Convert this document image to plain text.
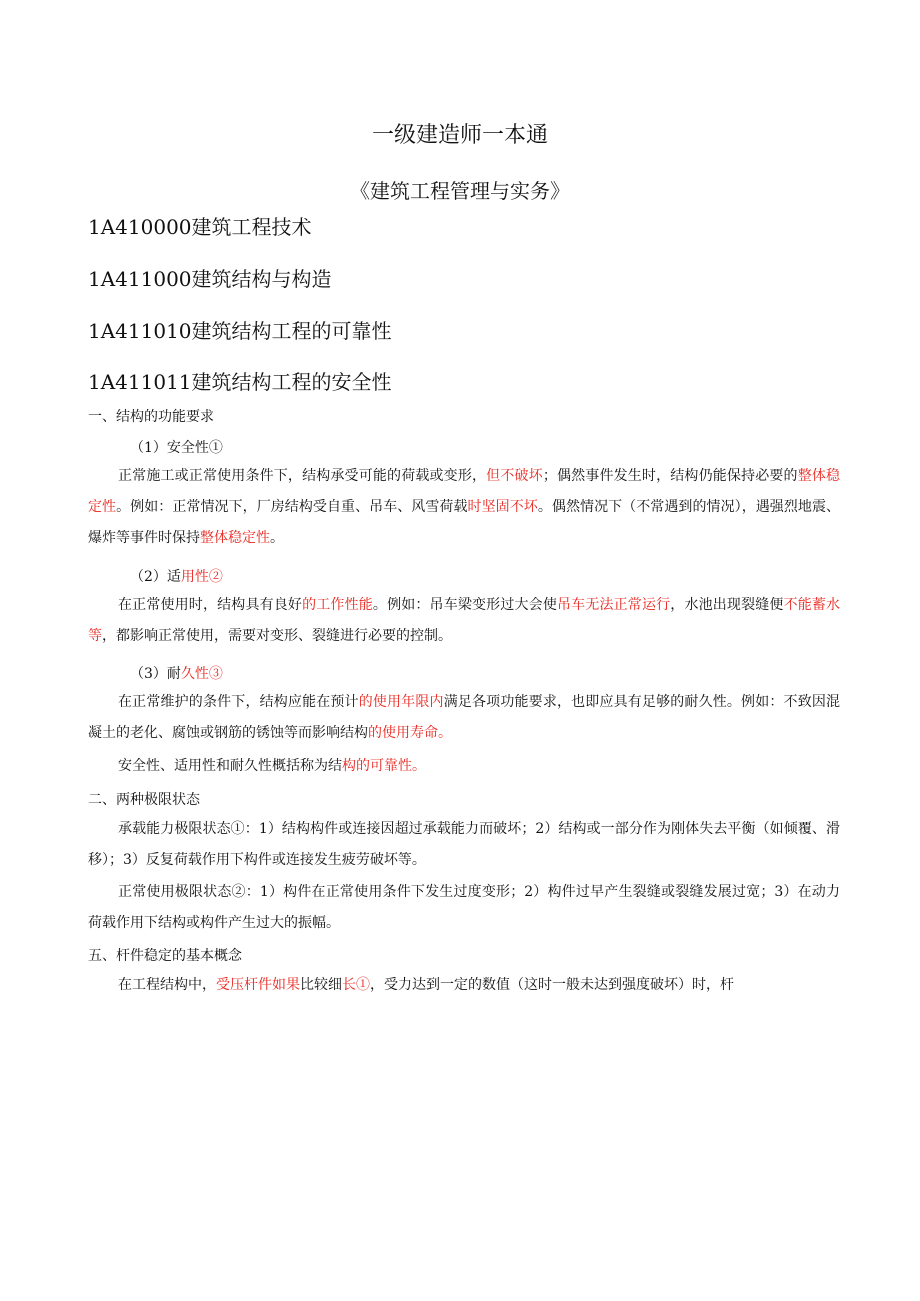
一级建造师一本通
《建筑工程管理与实务》
1A410000建筑工程技术
1A411000建筑结构与构造
1A411010建筑结构工程的可靠性
1A411011建筑结构工程的安全性
一、结构的功能要求
（1）安全性①
正常施工或正常使用条件下，结构承受可能的荷载或变形，但不破坏；偶然事件发生时，结构仍能保持必要的整体稳定性。例如：正常情况下，厂房结构受自重、吊车、风雪荷载时坚固不坏。偶然情况下（不常遇到的情况），遇强烈地震、爆炸等事件时保持整体稳定性。
（2）适用性②
在正常使用时，结构具有良好的工作性能。例如：吊车梁变形过大会使吊车无法正常运行，水池出现裂缝便不能蓄水等，都影响正常使用，需要对变形、裂缝进行必要的控制。
（3）耐久性③
在正常维护的条件下，结构应能在预计的使用年限内满足各项功能要求，也即应具有足够的耐久性。例如：不致因混凝土的老化、腐蚀或钢筋的锈蚀等而影响结构的使用寿命。
安全性、适用性和耐久性概括称为结构的可靠性。
二、两种极限状态
承载能力极限状态①：1）结构构件或连接因超过承载能力而破坏；2）结构或一部分作为刚体失去平衡（如倾覆、滑移）；3）反复荷载作用下构件或连接发生疲劳破坏等。
正常使用极限状态②：1）构件在正常使用条件下发生过度变形；2）构件过早产生裂缝或裂缝发展过宽；3）在动力荷载作用下结构或构件产生过大的振幅。
五、杆件稳定的基本概念
在工程结构中，受压杆件如果比较细长①，受力达到一定的数值（这时一般未达到强度破坏）时，杆
